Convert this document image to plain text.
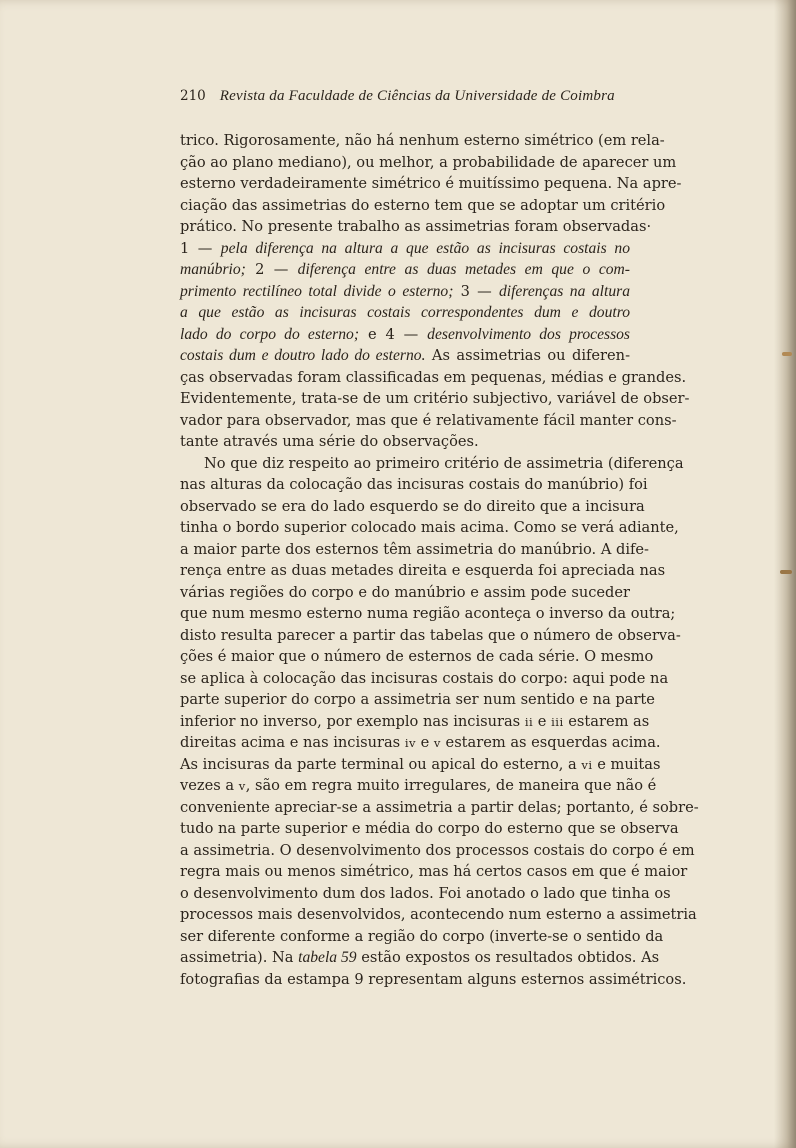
210 Revista da Faculdade de Ciências da Universidade de Coimbra
trico. Rigorosamente, não há nenhum esterno simétrico (em rela-
ção ao plano mediano), ou melhor, a probabilidade de aparecer um
esterno verdadeiramente simétrico é muitíssimo pequena. Na apre-
ciação das assimetrias do esterno tem que se adoptar um critério
prático. No presente trabalho as assimetrias foram observadas·
1 — pela diferença na altura a que estão as incisuras costais no
manúbrio; 2 — diferença entre as duas metades em que o com-
primento rectilíneo total divide o esterno; 3 — diferenças na altura
a que estão as incisuras costais correspondentes dum e doutro
lado do corpo do esterno; e 4 — desenvolvimento dos processos
costais dum e doutro lado do esterno. As assimetrias ou diferen-
ças observadas foram classificadas em pequenas, médias e grandes.
Evidentemente, trata-se de um critério subjectivo, variável de obser-
vador para observador, mas que é relativamente fácil manter cons-
tante através uma série do observações.
No que diz respeito ao primeiro critério de assimetria (diferença
nas alturas da colocação das incisuras costais do manúbrio) foi
observado se era do lado esquerdo se do direito que a incisura
tinha o bordo superior colocado mais acima. Como se verá adiante,
a maior parte dos esternos têm assimetria do manúbrio. A dife-
rença entre as duas metades direita e esquerda foi apreciada nas
várias regiões do corpo e do manúbrio e assim pode suceder
que num mesmo esterno numa região aconteça o inverso da outra;
disto resulta parecer a partir das tabelas que o número de observa-
ções é maior que o número de esternos de cada série. O mesmo
se aplica à colocação das incisuras costais do corpo: aqui pode na
parte superior do corpo a assimetria ser num sentido e na parte
inferior no inverso, por exemplo nas incisuras ii e iii estarem as
direitas acima e nas incisuras iv e v estarem as esquerdas acima.
As incisuras da parte terminal ou apical do esterno, a vi e muitas
vezes a v, são em regra muito irregulares, de maneira que não é
conveniente apreciar-se a assimetria a partir delas; portanto, é sobre-
tudo na parte superior e média do corpo do esterno que se observa
a assimetria. O desenvolvimento dos processos costais do corpo é em
regra mais ou menos simétrico, mas há certos casos em que é maior
o desenvolvimento dum dos lados. Foi anotado o lado que tinha os
processos mais desenvolvidos, acontecendo num esterno a assimetria
ser diferente conforme a região do corpo (inverte-se o sentido da
assimetria). Na tabela 59 estão expostos os resultados obtidos. As
fotografias da estampa 9 representam alguns esternos assimétricos.
